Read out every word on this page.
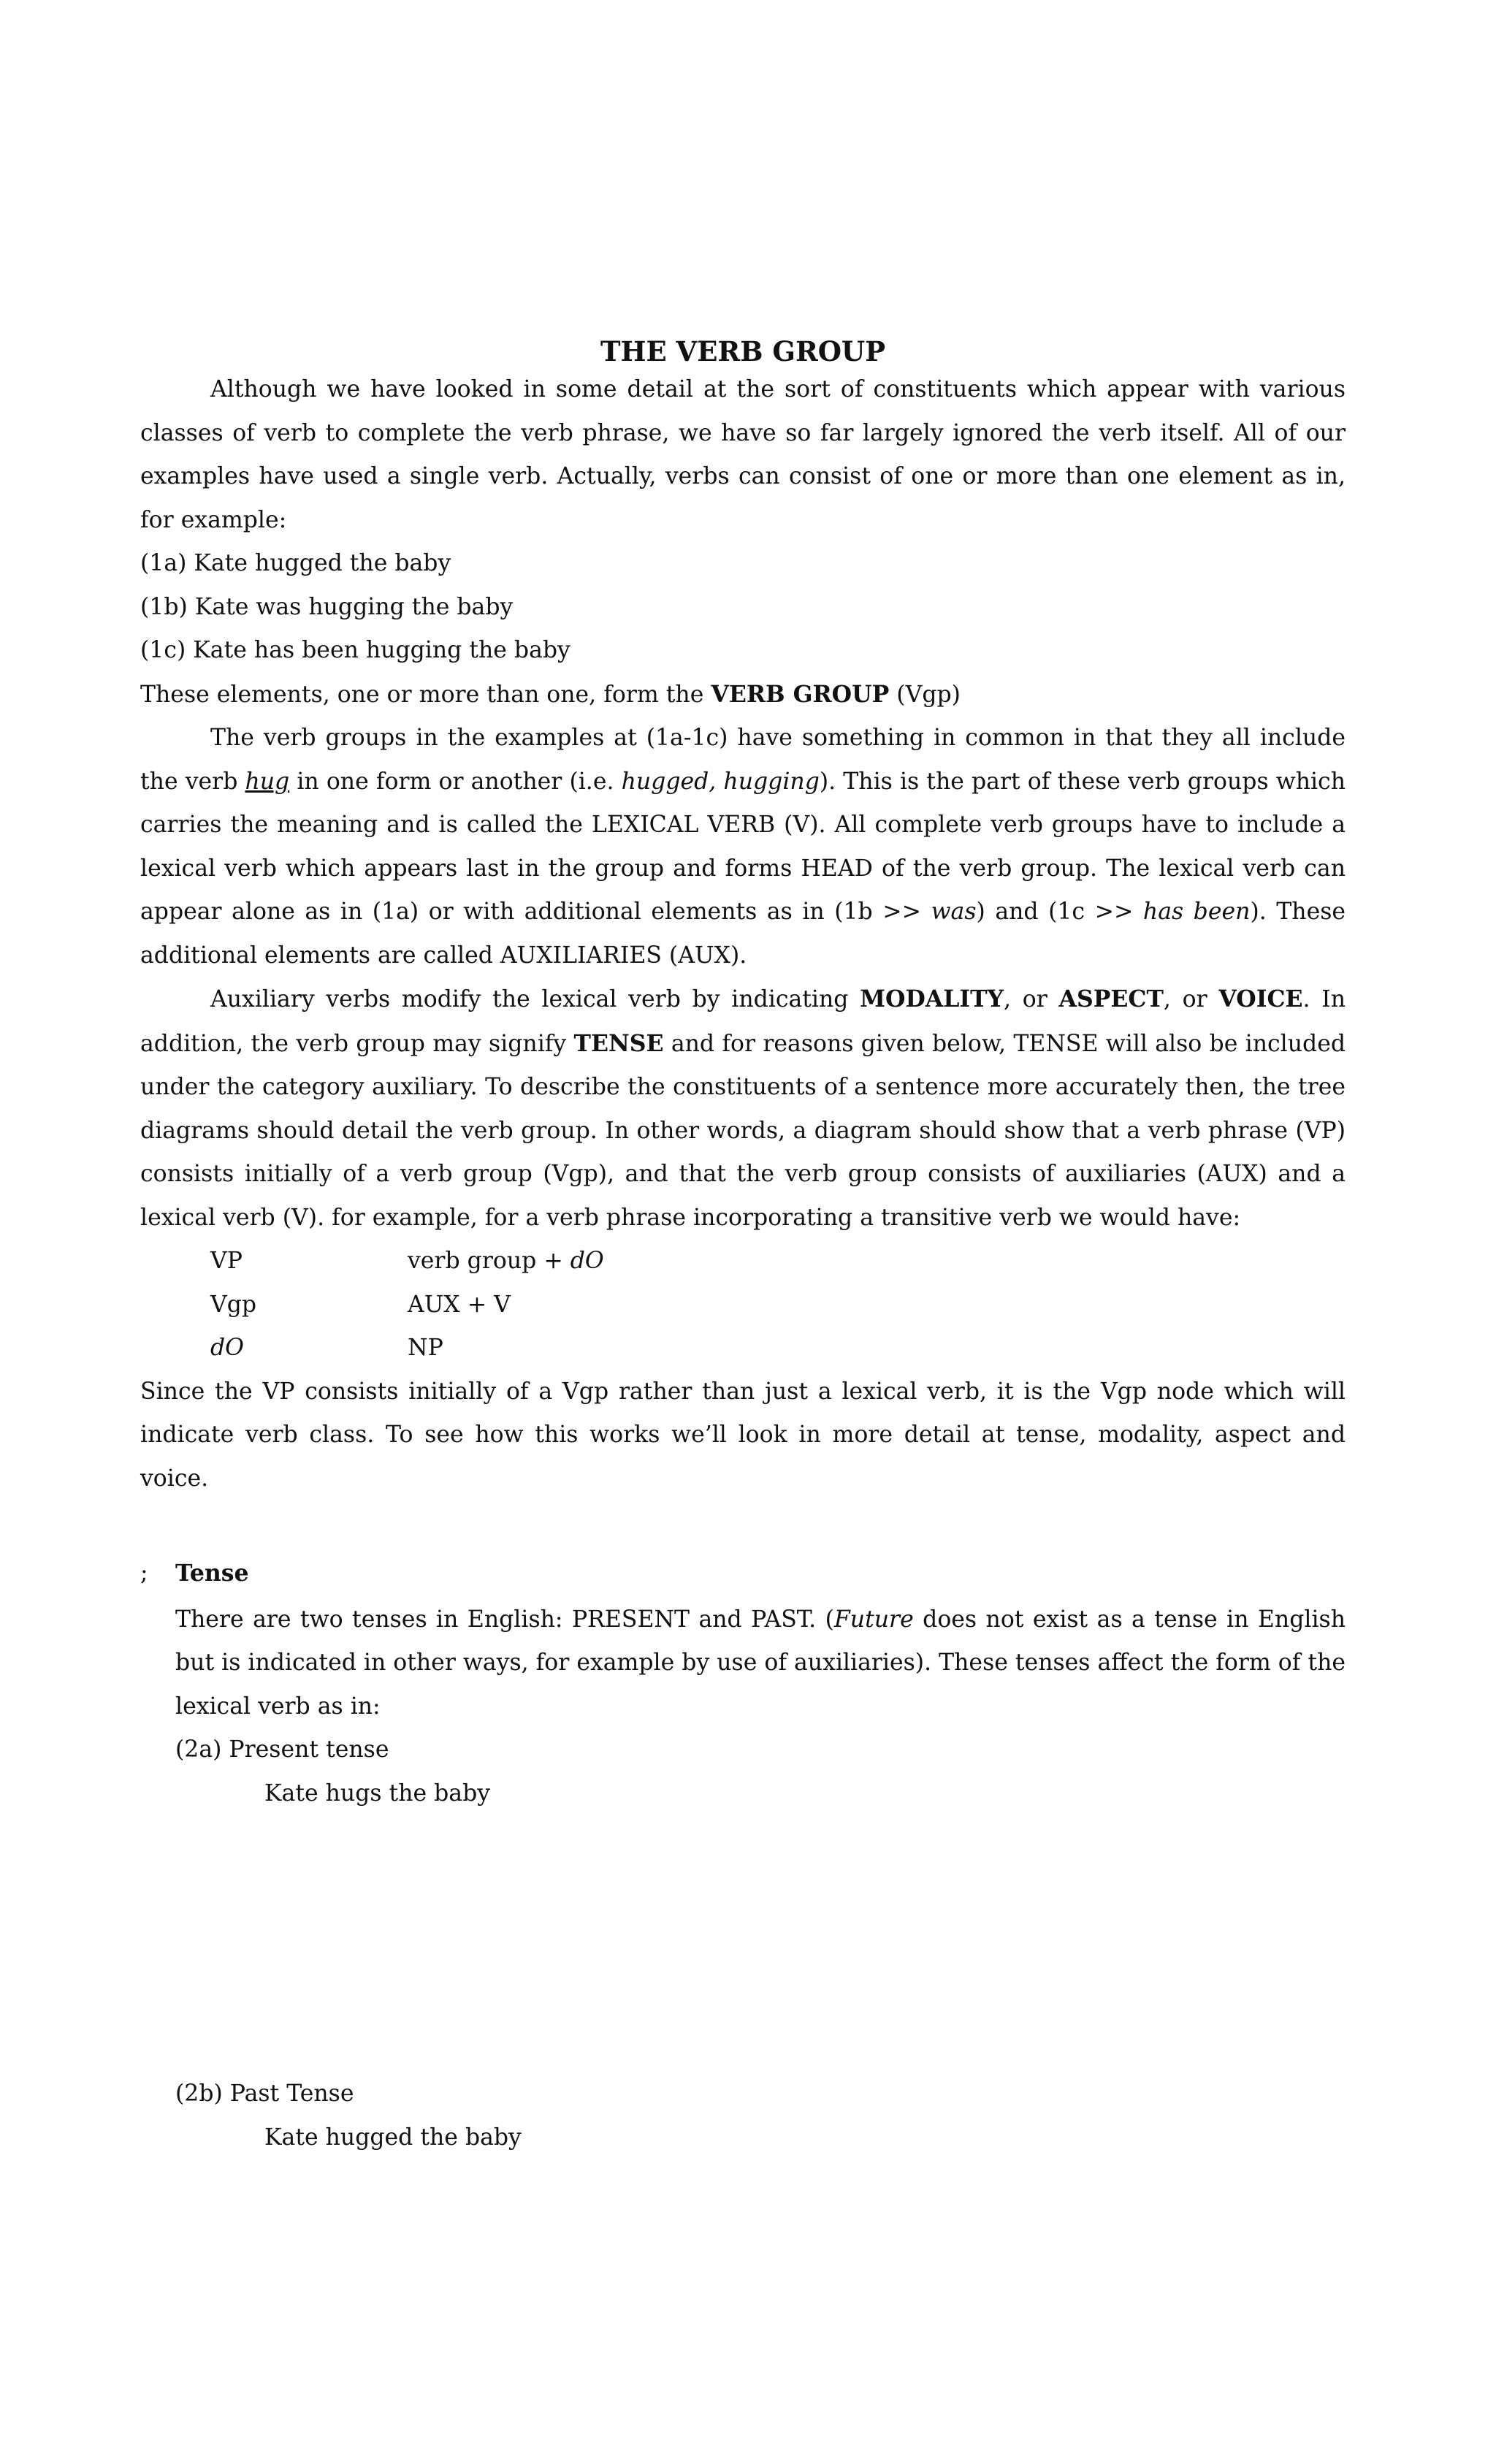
THE VERB GROUP

Although we have looked in some detail at the sort of constituents which appear with various classes of verb to complete the verb phrase, we have so far largely ignored the verb itself. All of our examples have used a single verb. Actually, verbs can consist of one or more than one element as in, for example:

(1a) Kate hugged the baby
(1b) Kate was hugging the baby
(1c) Kate has been hugging the baby
These elements, one or more than one, form the VERB GROUP (Vgp)

The verb groups in the examples at (1a-1c) have something in common in that they all include the verb hug in one form or another (i.e. hugged, hugging). This is the part of these verb groups which carries the meaning and is called the LEXICAL VERB (V). All complete verb groups have to include a lexical verb which appears last in the group and forms HEAD of the verb group. The lexical verb can appear alone as in (1a) or with additional elements as in (1b >> was) and (1c >> has been). These additional elements are called AUXILIARIES (AUX).

Auxiliary verbs modify the lexical verb by indicating MODALITY, or ASPECT, or VOICE. In addition, the verb group may signify TENSE and for reasons given below, TENSE will also be included under the category auxiliary. To describe the constituents of a sentence more accurately then, the tree diagrams should detail the verb group. In other words, a diagram should show that a verb phrase (VP) consists initially of a verb group (Vgp), and that the verb group consists of auxiliaries (AUX) and a lexical verb (V). for example, for a verb phrase incorporating a transitive verb we would have:

VP	verb group + dO
Vgp	AUX + V
dO	NP

Since the VP consists initially of a Vgp rather than just a lexical verb, it is the Vgp node which will indicate verb class. To see how this works we’ll look in more detail at tense, modality, aspect and voice.

;	Tense

There are two tenses in English: PRESENT and PAST. (Future does not exist as a tense in English but is indicated in other ways, for example by use of auxiliaries). These tenses affect the form of the lexical verb as in:

(2a) Present tense
Kate hugs the baby
(2b) Past Tense
Kate hugged the baby
